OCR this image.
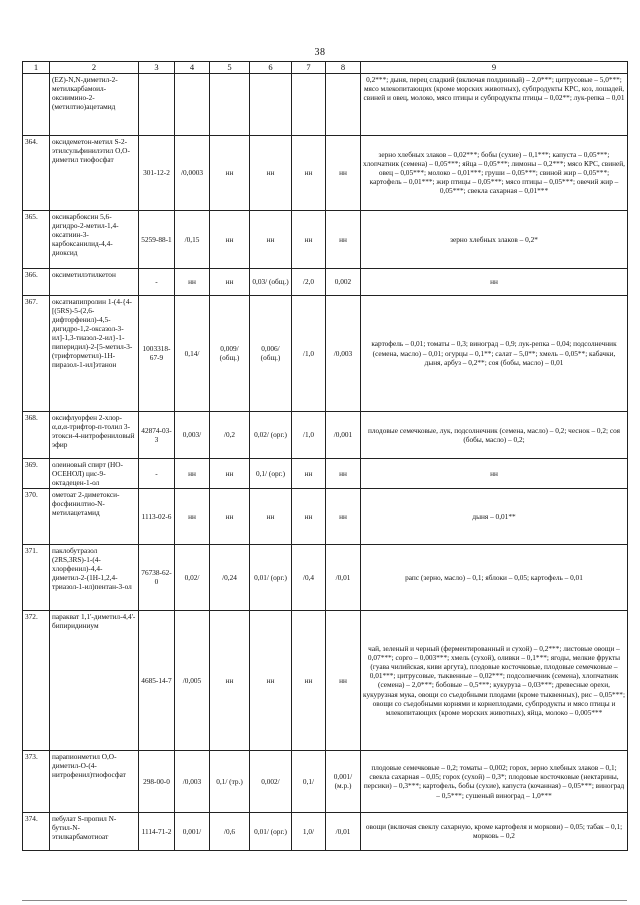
38
1	2	3	4	5	6	7	8	9
	(EZ)-N,N-диметил-2-метилкарбамоил-оксиимино-2-(метилтио)ацетамид							0,2***; дыня, перец сладкий (включая полдинный) – 2,0***; цитрусовые – 5,0***; мясо млекопитающих (кроме морских животных), субпродукты КРС, коз, лошадей, свиней и овец, молоко, мясо птицы и субпродукты птицы – 0,02**; лук-репка – 0,01
364.	оксидеметон-метил S-2-этилсульфинилэтил O,O-диметил тиофосфат	301-12-2	/0,0003	нн	нн	нн	нн	зерно хлебных злаков – 0,02***; бобы (сухие) – 0,1***; капуста – 0,05***; хлопчатник (семена) – 0,05***; яйца – 0,05***; лимоны – 0,2***; мясо КРС, свиней, овец – 0,05***; молоко – 0,01***; груши – 0,05***; свиной жир – 0,05***; картофель – 0,01***; жир птицы – 0,05***; мясо птицы – 0,05***; овечий жир – 0,05***; свекла сахарная – 0,01***
365.	оксикарбоксин 5,6-дигидро-2-метил-1,4-оксатиин-3-карбоксанилид-4,4-диоксид	5259-88-1	/0,15	нн	нн	нн	нн	зерно хлебных злаков – 0,2*
366.	оксиметилэтилкетон	-	нн	нн	0,03/ (общ.)	/2,0	0,002	нн
367.	оксатиапипролин 1-(4-{4-[(5RS)-5-(2,6-дифторфенил)-4,5-дигидро-1,2-оксазол-3-ил]-1,3-тиазол-2-ил}-1-пиперидил)-2-[5-метил-3-(трифторметил)-1Н-пиразол-1-ил]этанон	1003318-67-9	0,14/	0,009/ (общ.)	0,006/ (общ.)	/1,0	/0,003	картофель – 0,01; томаты – 0,3; виноград – 0,9; лук-репка – 0,04; подсолнечник (семена, масло) – 0,01; огурцы – 0,1**; салат – 5,0**; хмель – 0,05**; кабачки, дыня, арбуз – 0,2**; соя (бобы, масло) – 0,01
368.	оксифлуорфен 2-хлор-α,α,α-трифтор-п-толил 3-этокси-4-нитрофениловый эфир	42874-03-3	0,003/	/0,2	0,02/ (орг.)	/1,0	/0,001	плодовые семечковые, лук, подсолнечник (семена, масло) – 0,2; чеснок – 0,2; соя (бобы, масло) – 0,2;
369.	олеиновый спирт (НО-ОСЕНОЛ) цис-9-октадецен-1-ол	-	нн	нн	0,1/ (орг.)	нн	нн	нн
370.	ометоат 2-диметокси-фосфинилтио-N-метилацетамид	1113-02-6	нн	нн	нн	нн	нн	дыня – 0,01**
371.	паклобутразол (2RS,3RS)-1-(4-хлорфенил)-4,4-диметил-2-(1Н-1,2,4-триазол-1-ил)пентан-3-ол	76738-62-0	0,02/	/0,24	0,01/ (орг.)	/0,4	/0,01	рапс (зерно, масло) – 0,1; яблоки – 0,05; картофель – 0,01
372.	паракват 1,1'-диметил-4,4'-бипиридиниум	4685-14-7	/0,005	нн	нн	нн	нн	чай, зеленый и черный (ферментированный и сухой) – 0,2***; листовые овощи – 0,07***; сорго – 0,003***; хмель (сухой), оливки – 0,1***; ягоды, мелкие фрукты (гуава чилийская, киви аргута), плодовые косточковые, плодовые семечковые – 0,01***; цитрусовые, тыквенные – 0,02***; подсолнечник (семена), хлопчатник (семена) – 2,0***; бобовые – 0,5***; кукуруза – 0,03***; древесные орехи, кукурузная мука, овощи со съедобными плодами (кроме тыквенных), рис – 0,05***; овощи со съедобными корнями и корнеплодами, субпродукты и мясо птицы и млекопитающих (кроме морских животных), яйца, молоко – 0,005***
373.	парапионметил O,O-диметил-O-(4-нитрофенил)тиофосфат	298-00-0	/0,003	0,1/ (тр.)	0,002/	0,1/	0,001/ (м.р.)	плодовые семечковые – 0,2; томаты – 0,002; горох, зерно хлебных злаков – 0,1; свекла сахарная – 0,05; горох (сухой) – 0,3*; плодовые косточковые (нектарины, персики) – 0,3***; картофель, бобы (сухие), капуста (кочанная) – 0,05***; виноград – 0,5***; сушеный виноград – 1,0***
374.	пебулат S-пропил N-бутил-N-этилкарбамотиоат	1114-71-2	0,001/	/0,6	0,01/ (орг.)	1,0/	/0,01	овощи (включая свеклу сахарную, кроме картофеля и моркови) – 0,05; табак – 0,1; морковь – 0,2
